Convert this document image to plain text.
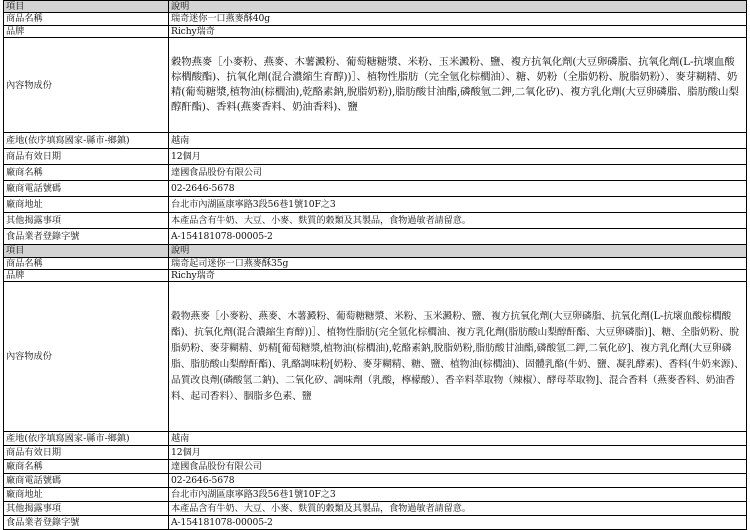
項目	說明
商品名稱	瑞奇迷你一口燕麥酥40g
品牌	Richy瑞奇
內容物成份	穀物燕麥［小麥粉、燕麥、木薯澱粉、葡萄糖糖漿、米粉、玉米澱粉、鹽、複方抗氧化劑(大豆卵磷脂、抗氧化劑(L-抗壞血酸棕櫚酸酯)、抗氧化劑(混合濃縮生育醇))］、植物性脂肪（完全氫化棕櫚油）、糖、奶粉（全脂奶粉、脫脂奶粉）、麥芽糊精、奶精(葡萄糖漿,植物油(棕櫚油),乾酪素鈉,脫脂奶粉),脂肪酸甘油酯,磷酸氫二鉀,二氧化矽)、複方乳化劑(大豆卵磷脂、脂肪酸山梨醇酐酯)、香料(燕麥香料、奶油香料)、鹽
產地(依序填寫國家-縣市-鄉鎮)	越南
商品有效日期	12個月
廠商名稱	達國食品股份有限公司
廠商電話號碼	02-2646-5678
廠商地址	台北市內湖區康寧路3段56巷1號10F之3
其他揭露事項	本產品含有牛奶、大豆、小麥、麩質的穀類及其製品，食物過敏者請留意。
食品業者登錄字號	A-154181078-00005-2
項目	說明
商品名稱	瑞奇起司迷你一口燕麥酥35g
品牌	Richy瑞奇
內容物成份	穀物燕麥［小麥粉、燕麥、木薯澱粉、葡萄糖糖漿、米粉、玉米澱粉、鹽、複方抗氧化劑(大豆卵磷脂、抗氧化劑(L-抗壞血酸棕櫚酸酯)、抗氧化劑(混合濃縮生育醇))］、植物性脂肪(完全氫化棕櫚油、複方乳化劑(脂肪酸山梨醇酐酯、大豆卵磷脂)]、糖、全脂奶粉、脫脂奶粉、麥芽糊精、奶精[葡萄糖漿,植物油(棕櫚油),乾酪素鈉,脫脂奶粉,脂肪酸甘油酯,磷酸氫二鉀,二氧化矽]、複方乳化劑(大豆卵磷脂、脂肪酸山梨醇酐酯)、乳酪調味粉[奶粉、麥芽糊精、糖、鹽、植物油(棕櫚油)、固體乳酪(牛奶、鹽、凝乳酵素)、香料(牛奶來源)、品質改良劑(磷酸氫二鈉)、二氧化矽、調味劑（乳酸，檸檬酸）、香辛料萃取物（辣椒）、酵母萃取物]、混合香料（燕麥香料、奶油香料、起司香料）、胭脂多色素、鹽
產地(依序填寫國家-縣市-鄉鎮)	越南
商品有效日期	12個月
廠商名稱	達國食品股份有限公司
廠商電話號碼	02-2646-5678
廠商地址	台北市內湖區康寧路3段56巷1號10F之3
其他揭露事項	本產品含有牛奶、大豆、小麥、麩質的穀類及其製品，食物過敏者請留意。
食品業者登錄字號	A-154181078-00005-2
